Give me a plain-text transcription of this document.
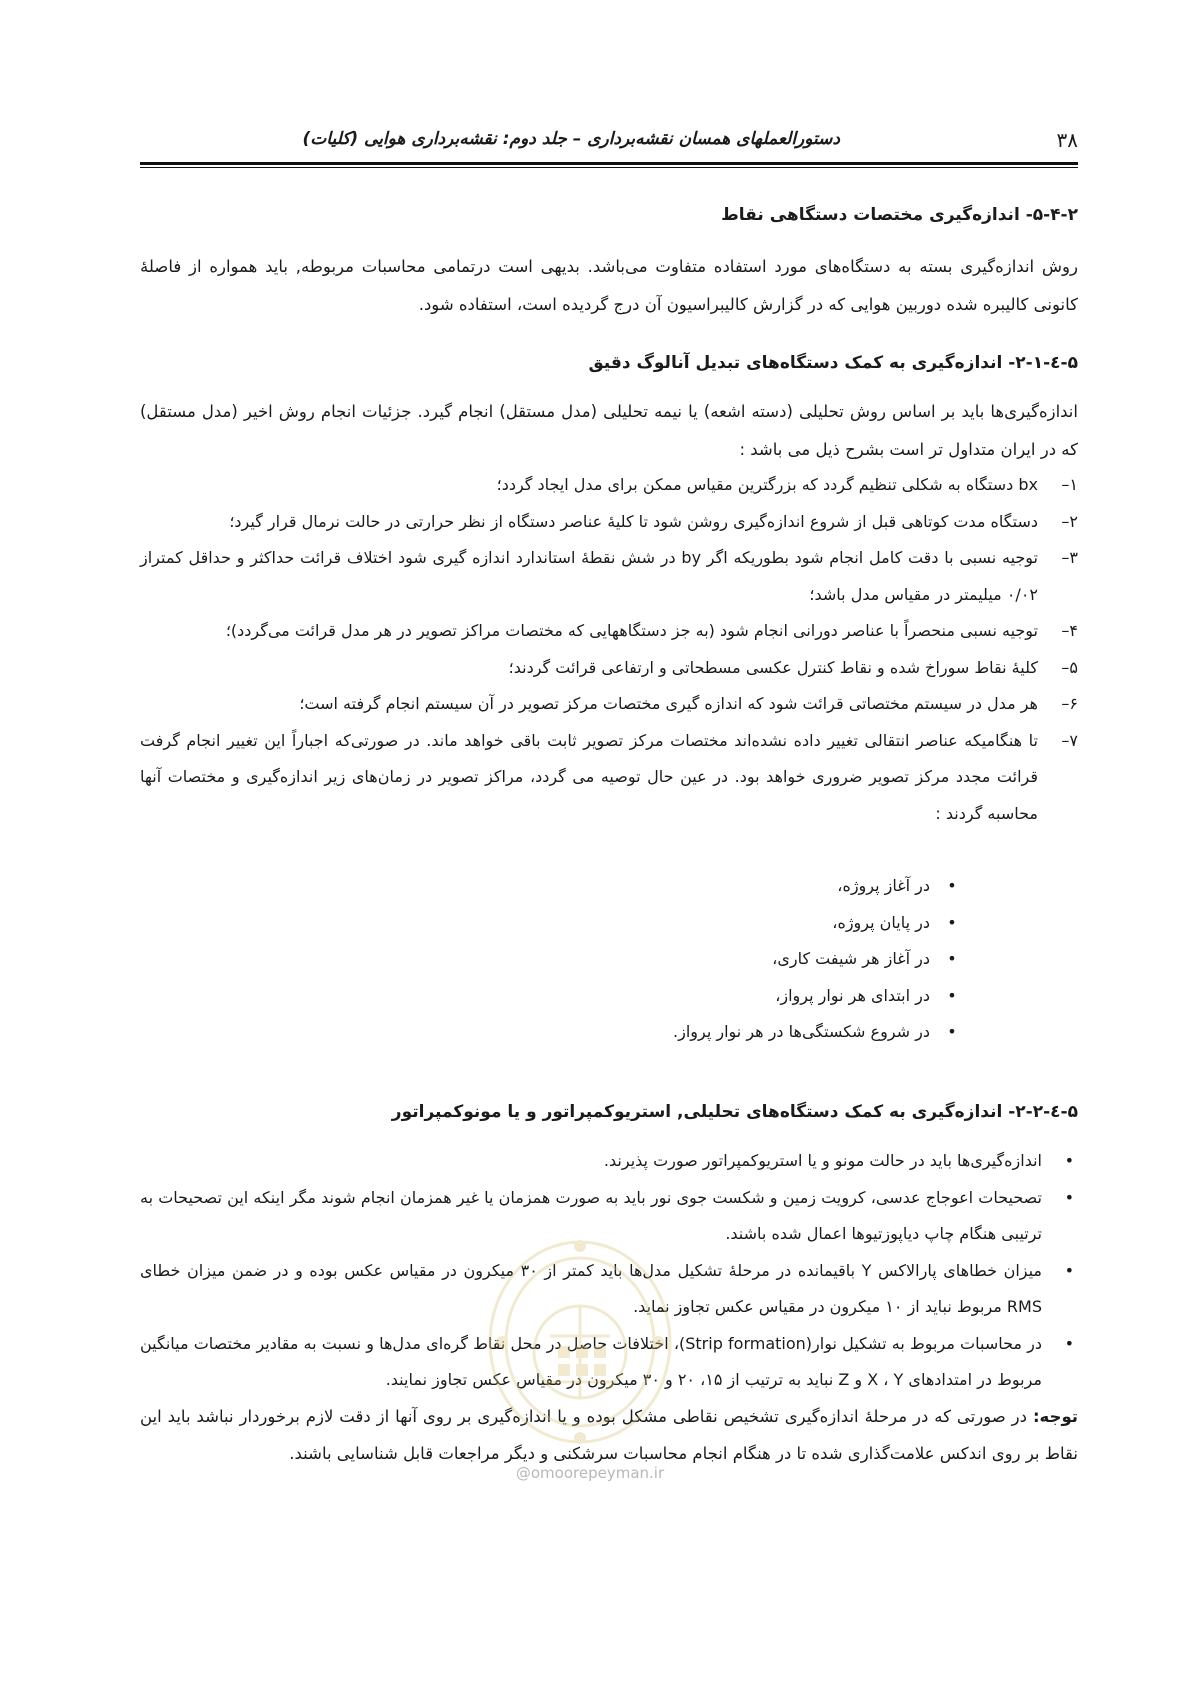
۳۸
دستورالعملهای همسان نقشه‌برداری – جلد دوم: نقشه‌برداری هوایی (کلیات)
۵-۴-۲- اندازه‌گیری مختصات دستگاهی نقاط

روش اندازه‌گیری بسته به دستگاه‌های مورد استفاده متفاوت می‌باشد. بدیهی است درتمامی محاسبات مربوطه, باید همواره از فاصلهٔ کانونی کالیبره شده دوربین هوایی که در گزارش کالیبراسیون آن درج گردیده است، استفاده شود.

۵-٤-۲-۱- اندازه‌گیری به کمک دستگاه‌های تبدیل آنالوگ دقیق

اندازه‌گیری‌ها باید بر اساس روش تحلیلی (دسته اشعه) یا نیمه تحلیلی (مدل مستقل) انجام گیرد. جزئیات انجام روش اخیر (مدل مستقل) که در ایران متداول تر است بشرح ذیل می باشد :

۱–
bx دستگاه به شکلی تنظیم گردد که بزرگترین مقیاس ممکن برای مدل ایجاد گردد؛
۲–
دستگاه مدت کوتاهی قبل از شروع اندازه‌گیری روشن شود تا کلیهٔ عناصر دستگاه از نظر حرارتی در حالت نرمال قرار گیرد؛
۳–
توجیه نسبی با دقت کامل انجام شود بطوریکه اگر by در شش نقطهٔ استاندارد اندازه گیری شود اختلاف قرائت حداکثر و حداقل کمتراز ۰/۰۲ میلیمتر در مقیاس مدل باشد؛
۴–
توجیه نسبی منحصراً با عناصر دورانی انجام شود (به جز دستگاههایی که مختصات مراکز تصویر در هر مدل قرائت می‌گردد)؛
۵–
کلیهٔ نقاط سوراخ شده و نقاط کنترل عکسی مسطحاتی و ارتفاعی قرائت گردند؛
۶–
هر مدل در سیستم مختصاتی قرائت شود که اندازه گیری مختصات مرکز تصویر در آن سیستم انجام گرفته است؛
۷–
تا هنگامیکه عناصر انتقالی تغییر داده نشده‌اند مختصات مرکز تصویر ثابت باقی خواهد ماند. در صورتی‌که اجباراً این تغییر انجام گرفت قرائت مجدد مرکز تصویر ضروری خواهد بود. در عین حال توصیه می گردد، مراکز تصویر در زمان‌های زیر اندازه‌گیری و مختصات آنها محاسبه گردند :
•
در آغاز پروژه،
•
در پایان پروژه،
•
در آغاز هر شیفت کاری،
•
در ابتدای هر نوار پرواز،
•
در شروع شکستگی‌ها در هر نوار پرواز.
۵-٤-۲-۲- اندازه‌گیری به کمک دستگاه‌های تحلیلی, استریوکمپراتور و یا مونوکمپراتور
•
اندازه‌گیری‌ها باید در حالت مونو و یا استریوکمپراتور صورت پذیرند.
•
تصحیحات اعوجاج عدسی، کرویت زمین و شکست جوی نور باید به صورت همزمان یا غیر همزمان انجام شوند مگر اینکه این تصحیحات به ترتیبی هنگام چاپ دیاپوزتیوها اعمال شده باشند.
•
میزان خطاهای پارالاکس Y باقیمانده در مرحلهٔ تشکیل مدل‌ها باید کمتر از ۳۰ میکرون در مقیاس عکس بوده و در ضمن میزان خطای RMS مربوط نباید از ۱۰ میکرون در مقیاس عکس تجاوز نماید.
•
در محاسبات مربوط به تشکیل نوار(Strip formation)، اختلافات حاصل در محل نقاط گره‌ای مدل‌ها و نسبت به مقادیر مختصات میانگین مربوط در امتدادهای X ، Y و Z نباید به ترتیب از ۱۵، ۲۰ و ۳۰ میکرون در مقیاس عکس تجاوز نمایند.

توجه: در صورتی که در مرحلهٔ اندازه‌گیری تشخیص نقاطی مشکل بوده و یا اندازه‌گیری بر روی آنها از دقت لازم برخوردار نباشد باید این نقاط بر روی اندکس علامت‌گذاری شده تا در هنگام انجام محاسبات سرشکنی و دیگر مراجعات قابل شناسایی باشند.

@omoorepeyman.ir
